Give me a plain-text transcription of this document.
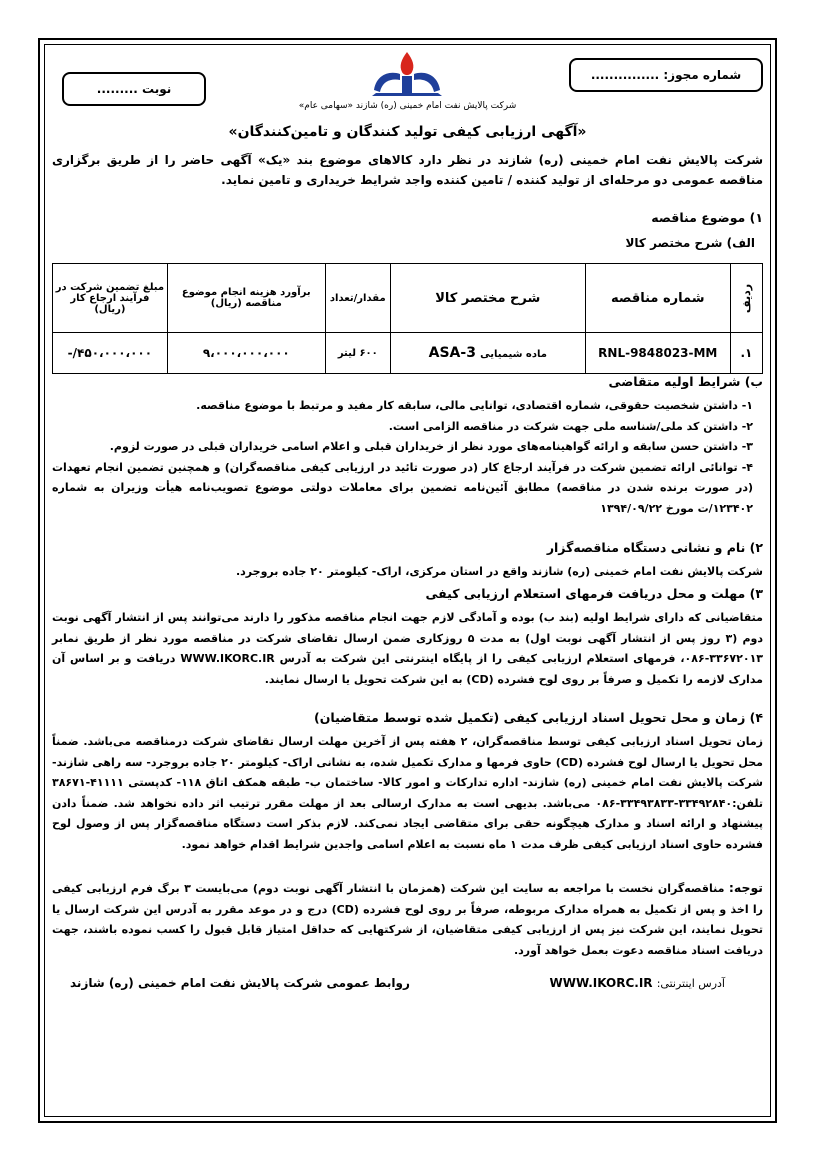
شماره مجوز: ...............
نوبت .........
شرکت پالایش نفت امام خمینی (ره) شازند «سهامی عام»
«آگهی ارزیابی کیفی تولید کنندگان و تامین‌کنندگان»
شرکت پالایش نفت امام خمینی (ره) شازند در نظر دارد کالاهای موضوع بند «یک» آگهی حاضر را از طریق برگزاری مناقصه عمومی دو مرحله‌ای از تولید کننده / تامین کننده واجد شرایط خریداری و تامین نماید.
۱) موضوع مناقصه
الف) شرح مختصر کالا
ردیف	شماره مناقصه	شرح مختصر کالا	مقدار/تعداد	برآورد هزینه انجام موضوع مناقصه (ریال)	مبلغ تضمین شرکت در فرآیند ارجاع کار (ریال)
۱.	RNL-9848023-MM	ماده شیمیایی ASA-3	۶۰۰ لیتر	۹،۰۰۰،۰۰۰،۰۰۰	۴۵۰،۰۰۰،۰۰۰/-
ب) شرایط اولیه متقاضی
۱- داشتن شخصیت حقوقی، شماره اقتصادی، توانایی مالی، سابقه کار مفید و مرتبط با موضوع مناقصه.
۲- داشتن کد ملی/شناسه ملی جهت شرکت در مناقصه الزامی است.
۳- داشتن حسن سابقه و ارائه گواهینامه‌های مورد نظر از خریداران قبلی و اعلام اسامی خریداران قبلی در صورت لزوم.
۴- توانائی ارائه تضمین شرکت در فرآیند ارجاع کار (در صورت تائید در ارزیابی کیفی مناقصه‌گران) و همچنین تضمین انجام تعهدات (در صورت برنده شدن در مناقصه) مطابق آئین‌نامه تضمین برای معاملات دولتی موضوع تصویب‌نامه هیأت وزیران به شماره ۱۲۳۴۰۲/ت مورخ ۱۳۹۴/۰۹/۲۲
۲) نام و نشانی دستگاه مناقصه‌گزار
شرکت پالایش نفت امام خمینی (ره) شازند واقع در استان مرکزی، اراک- کیلومتر ۲۰ جاده بروجرد.
۳) مهلت و محل دریافت فرمهای استعلام ارزیابی کیفی
متقاضیانی که دارای شرایط اولیه (بند ب) بوده و آمادگی لازم جهت انجام مناقصه مذکور را دارند می‌توانند پس از انتشار آگهی نوبت دوم (۳ روز پس از انتشار آگهی نوبت اول) به مدت ۵ روزکاری ضمن ارسال تقاضای شرکت در مناقصه مورد نظر از طریق نمابر ۳۳۶۷۲۰۱۳-۰۸۶، فرمهای استعلام ارزیابی کیفی را از پایگاه اینترنتی این شرکت به آدرس WWW.IKORC.IR دریافت و بر اساس آن مدارک لازمه را تکمیل و صرفاً بر روی لوح فشرده (CD) به این شرکت تحویل یا ارسال نمایند.
۴) زمان و محل تحویل اسناد ارزیابی کیفی (تکمیل شده توسط متقاضیان)
زمان تحویل اسناد ارزیابی کیفی توسط مناقصه‌گران، ۲ هفته پس از آخرین مهلت ارسال تقاضای شرکت درمناقصه می‌باشد. ضمناً محل تحویل یا ارسال لوح فشرده (CD) حاوی فرمها و مدارک تکمیل شده، به نشانی اراک- کیلومتر ۲۰ جاده بروجرد- سه راهی شازند- شرکت پالایش نفت امام خمینی (ره) شازند- اداره تدارکات و امور کالا- ساختمان ب- طبقه همکف اتاق ۱۱۸- کدپستی ۴۱۱۱۱-۳۸۶۷۱ تلفن:۳۳۴۹۲۸۴۰-۳۳۴۹۳۸۳۳-۰۸۶ می‌باشد. بدیهی است به مدارک ارسالی بعد از مهلت مقرر ترتیب اثر داده نخواهد شد. ضمناً دادن پیشنهاد و ارائه اسناد و مدارک هیچگونه حقی برای متقاضی ایجاد نمی‌کند. لازم بذکر است دستگاه مناقصه‌گزار پس از وصول لوح فشرده حاوی اسناد ارزیابی کیفی ظرف مدت ۱ ماه نسبت به اعلام اسامی واجدین شرایط اقدام خواهد نمود.
توجه: مناقصه‌گران نخست با مراجعه به سایت این شرکت (همزمان با انتشار آگهی نوبت دوم) می‌بایست ۳ برگ فرم ارزیابی کیفی را اخذ و پس از تکمیل به همراه مدارک مربوطه، صرفاً بر روی لوح فشرده (CD) درج و در موعد مقرر به آدرس این شرکت ارسال یا تحویل نمایند، این شرکت نیز پس از ارزیابی کیفی متقاضیان، از شرکتهایی که حداقل امتیاز قابل قبول را کسب نموده باشند، جهت دریافت اسناد مناقصه دعوت بعمل خواهد آورد.
آدرس اینترنتی: WWW.IKORC.IR
روابط عمومی شرکت پالایش نفت امام خمینی (ره) شازند
